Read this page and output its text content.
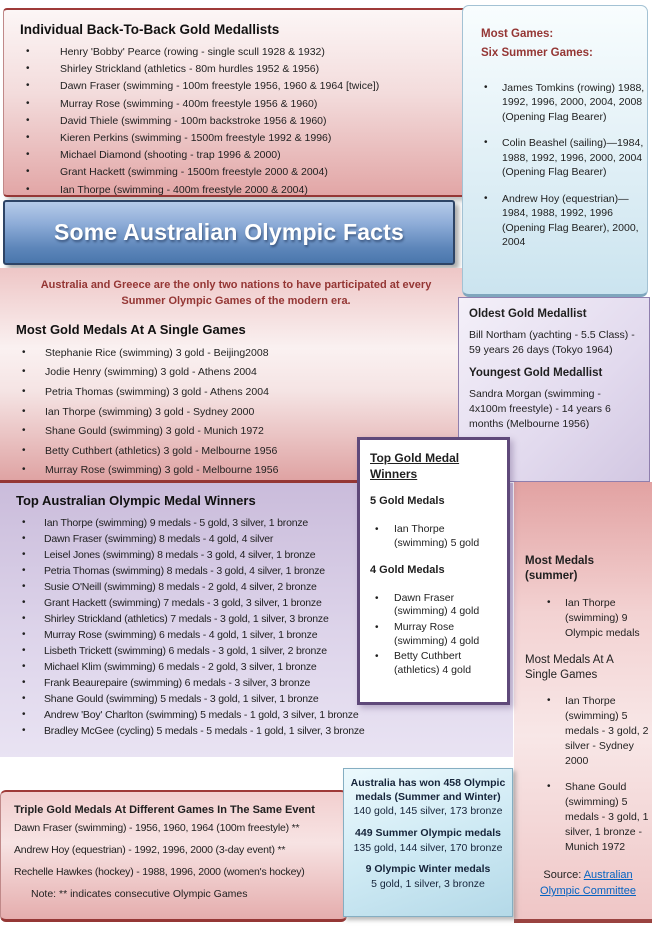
Individual Back-To-Back Gold Medallists
• Henry 'Bobby' Pearce (rowing - single scull 1928 & 1932)
• Shirley Strickland (athletics - 80m hurdles 1952 & 1956)
• Dawn Fraser (swimming - 100m freestyle 1956, 1960 & 1964 [twice])
• Murray Rose (swimming - 400m freestyle 1956 & 1960)
• David Thiele (swimming - 100m backstroke 1956 & 1960)
• Kieren Perkins (swimming - 1500m freestyle 1992 & 1996)
• Michael Diamond (shooting - trap 1996 & 2000)
• Grant Hackett (swimming - 1500m freestyle 2000 & 2004)
• Ian Thorpe (swimming - 400m freestyle 2000 & 2004)
Some Australian Olympic Facts
Australia and Greece are the only two nations to have participated at every Summer Olympic Games of the modern era.
Most Gold Medals At A Single Games
• Stephanie Rice (swimming) 3 gold - Beijing2008
• Jodie Henry (swimming) 3 gold - Athens 2004
• Petria Thomas (swimming) 3 gold - Athens 2004
• Ian Thorpe (swimming) 3 gold - Sydney 2000
• Shane Gould (swimming) 3 gold - Munich 1972
• Betty Cuthbert (athletics) 3 gold - Melbourne 1956
• Murray Rose (swimming) 3 gold - Melbourne 1956
Top Australian Olympic Medal Winners
• Ian Thorpe (swimming) 9 medals - 5 gold, 3 silver, 1 bronze
• Dawn Fraser (swimming) 8 medals - 4 gold, 4 silver
• Leisel Jones (swimming) 8 medals - 3 gold, 4 silver, 1 bronze
• Petria Thomas (swimming) 8 medals - 3 gold, 4 silver, 1 bronze
• Susie O'Neill (swimming) 8 medals - 2 gold, 4 silver, 2 bronze
• Grant Hackett (swimming) 7 medals - 3 gold, 3 silver, 1 bronze
• Shirley Strickland (athletics) 7 medals - 3 gold, 1 silver, 3 bronze
• Murray Rose (swimming) 6 medals - 4 gold, 1 silver, 1 bronze
• Lisbeth Trickett (swimming) 6 medals - 3 gold, 1 silver, 2 bronze
• Michael Klim (swimming) 6 medals - 2 gold, 3 silver, 1 bronze
• Frank Beaurepaire (swimming) 6 medals - 3 silver, 3 bronze
• Shane Gould (swimming) 5 medals - 3 gold, 1 silver, 1 bronze
• Andrew 'Boy' Charlton (swimming) 5 medals - 1 gold, 3 silver, 1 bronze
• Bradley McGee (cycling) 5 medals - 5 medals - 1 gold, 1 silver, 3 bronze
Top Gold Medal Winners
5 Gold Medals
• Ian Thorpe (swimming) 5 gold
4 Gold Medals
• Dawn Fraser (swimming) 4 gold
• Murray Rose (swimming) 4 gold
• Betty Cuthbert (athletics) 4 gold
Triple Gold Medals At Different Games In The Same Event
Dawn Fraser (swimming) - 1956, 1960, 1964 (100m freestyle) **
Andrew Hoy (equestrian) - 1992, 1996, 2000 (3-day event) **
Rechelle Hawkes (hockey) - 1988, 1996, 2000 (women's hockey)
Note: ** indicates consecutive Olympic Games
Australia has won 458 Olympic medals (Summer and Winter)
140 gold, 145 silver, 173 bronze
449 Summer Olympic medals
135 gold, 144 silver, 170 bronze
9 Olympic Winter medals
5 gold, 1 silver, 3 bronze
Most Games:
Six Summer Games:
• James Tomkins (rowing) 1988, 1992, 1996, 2000, 2004, 2008 (Opening Flag Bearer)
• Colin Beashel (sailing)—1984, 1988, 1992, 1996, 2000, 2004 (Opening Flag Bearer)
• Andrew Hoy (equestrian)—1984, 1988, 1992, 1996 (Opening Flag Bearer), 2000, 2004
Oldest Gold Medallist
Bill Northam (yachting - 5.5 Class) - 59 years 26 days (Tokyo 1964)
Youngest Gold Medallist
Sandra Morgan (swimming - 4x100m freestyle) - 14 years 6 months (Melbourne 1956)
Most Medals (summer)
• Ian Thorpe (swimming) 9 Olympic medals
Most Medals At A Single Games
• Ian Thorpe (swimming) 5 medals - 3 gold, 2 silver - Sydney 2000
• Shane Gould (swimming) 5 medals - 3 gold, 1 silver, 1 bronze - Munich 1972
Source: Australian Olympic Committee
